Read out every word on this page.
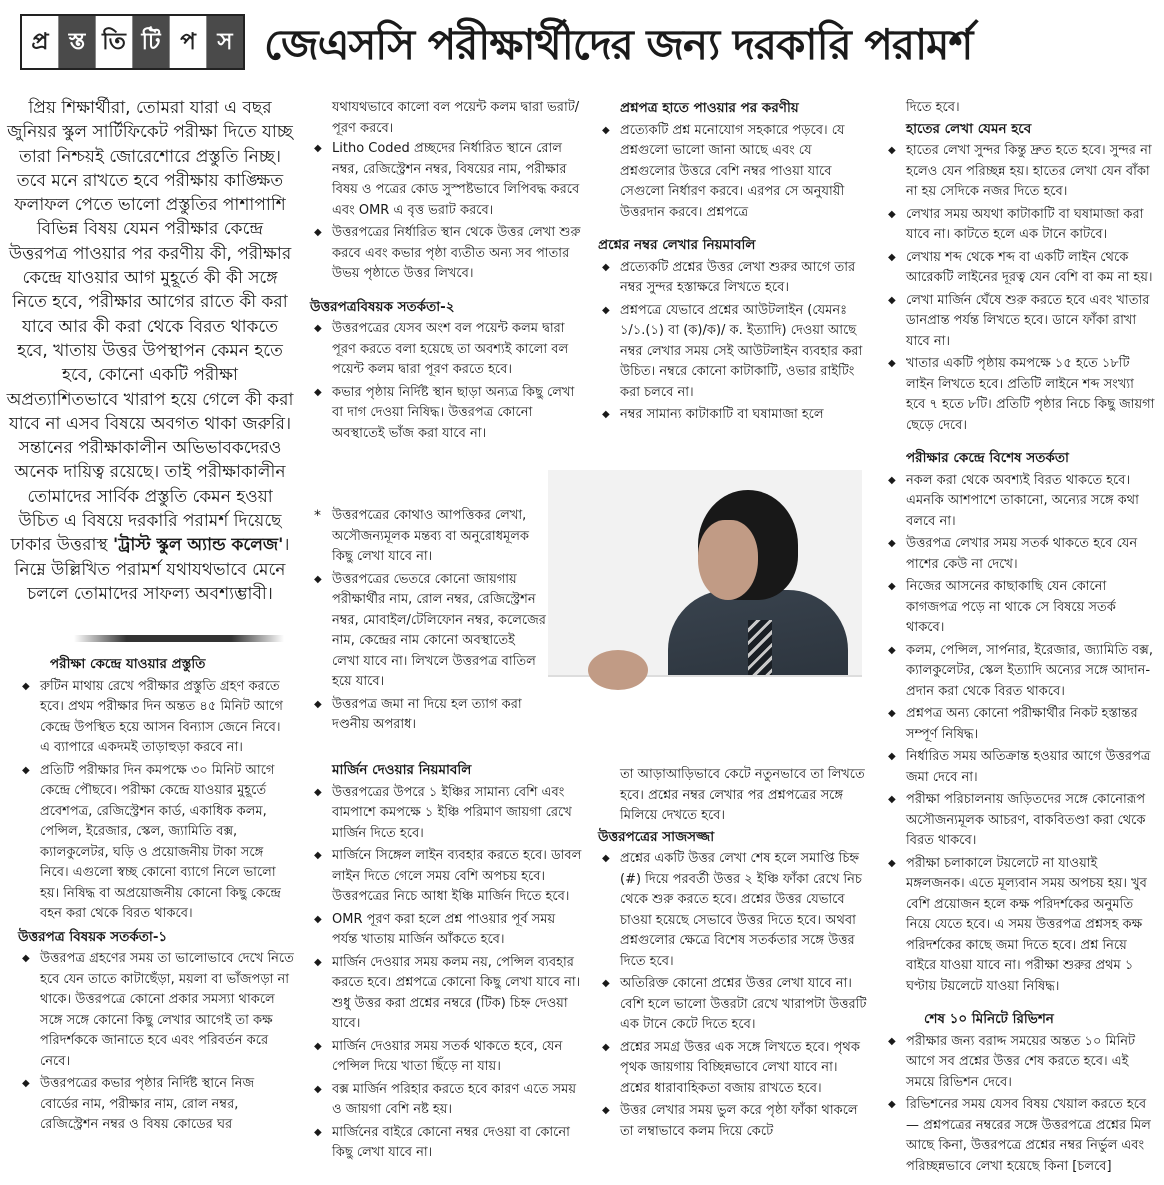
প্র স্ত তি টি প স জেএসসি পরীক্ষার্থীদের জন্য দরকারি পরামর্শ
প্রিয় শিক্ষার্থীরা, তোমরা যারা এ বছর জুনিয়র স্কুল সার্টিফিকেট পরীক্ষা দিতে যাচ্ছ তারা নিশ্চয়ই জোরেশোরে প্রস্তুতি নিচ্ছ। তবে মনে রাখতে হবে পরীক্ষায় কাঙ্ক্ষিত ফলাফল পেতে ভালো প্রস্তুতির পাশাপাশি বিভিন্ন বিষয় যেমন পরীক্ষার কেন্দ্রে উত্তরপত্র পাওয়ার পর করণীয় কী, পরীক্ষার কেন্দ্রে যাওয়ার আগ মুহূর্তে কী কী সঙ্গে নিতে হবে, পরীক্ষার আগের রাতে কী করা যাবে আর কী করা থেকে বিরত থাকতে হবে, খাতায় উত্তর উপস্থাপন কেমন হতে হবে, কোনো একটি পরীক্ষা অপ্রত্যাশিতভাবে খারাপ হয়ে গেলে কী করা যাবে না এসব বিষয়ে অবগত থাকা জরুরি। সন্তানের পরীক্ষাকালীন অভিভাবকদেরও অনেক দায়িত্ব রয়েছে। তাই পরীক্ষাকালীন তোমাদের সার্বিক প্রস্তুতি কেমন হওয়া উচিত এ বিষয়ে দরকারি পরামর্শ দিয়েছে ঢাকার উত্তরাস্থ 'ট্রাস্ট স্কুল অ্যান্ড কলেজ'। নিম্নে উল্লিখিত পরামর্শ যথাযথভাবে মেনে চললে তোমাদের সাফল্য অবশ্যম্ভাবী।
পরীক্ষা কেন্দ্রে যাওয়ার প্রস্তুতি
◆ রুটিন মাথায় রেখে পরীক্ষার প্রস্তুতি গ্রহণ করতে হবে। প্রথম পরীক্ষার দিন অন্তত ৪৫ মিনিট আগে কেন্দ্রে উপস্থিত হয়ে আসন বিন্যাস জেনে নিবে। এ ব্যাপারে একদমই তাড়াহুড়া করবে না।
◆ প্রতিটি পরীক্ষার দিন কমপক্ষে ৩০ মিনিট আগে কেন্দ্রে পৌছবে। পরীক্ষা কেন্দ্রে যাওয়ার মুহূর্তে প্রবেশপত্র, রেজিস্ট্রেশন কার্ড, একাধিক কলম, পেন্সিল, ইরেজার, স্কেল, জ্যামিতি বক্স, ক্যালকুলেটর, ঘড়ি ও প্রয়োজনীয় টাকা সঙ্গে নিবে। এগুলো স্বচ্ছ কোনো ব্যাগে নিলে ভালো হয়। নিষিদ্ধ বা অপ্রয়োজনীয় কোনো কিছু কেন্দ্রে বহন করা থেকে বিরত থাকবে।
উত্তরপত্র বিষয়ক সতর্কতা-১
◆ উত্তরপত্র গ্রহণের সময় তা ভালোভাবে দেখে নিতে হবে যেন তাতে কাটাছেঁড়া, ময়লা বা ভাঁজপড়া না থাকে। উত্তরপত্রে কোনো প্রকার সমস্যা থাকলে সঙ্গে সঙ্গে কোনো কিছু লেখার আগেই তা কক্ষ পরিদর্শককে জানাতে হবে এবং পরিবর্তন করে নেবে।
◆ উত্তরপত্রের কভার পৃষ্ঠার নির্দিষ্ট স্থানে নিজ বোর্ডের নাম, পরীক্ষার নাম, রোল নম্বর, রেজিস্ট্রেশন নম্বর ও বিষয় কোডের ঘর

যথাযথভাবে কালো বল পয়েন্ট কলম দ্বারা ভরাট/পূরণ করবে।

◆ Litho Coded প্রচ্ছদের নির্ধারিত স্থানে রোল নম্বর, রেজিস্ট্রেশন নম্বর, বিষয়ের নাম, পরীক্ষার বিষয় ও পত্রের কোড সুস্পষ্টভাবে লিপিবদ্ধ করবে এবং OMR এ বৃত্ত ভরাট করবে।
◆ উত্তরপত্রের নির্ধারিত স্থান থেকে উত্তর লেখা শুরু করবে এবং কভার পৃষ্ঠা ব্যতীত অন্য সব পাতার উভয় পৃষ্ঠাতে উত্তর লিখবে।
উত্তরপত্রবিষয়ক সতর্কতা-২
◆ উত্তরপত্রের যেসব অংশ বল পয়েন্ট কলম দ্বারা পূরণ করতে বলা হয়েছে তা অবশ্যই কালো বল পয়েন্ট কলম দ্বারা পূরণ করতে হবে।
◆ কভার পৃষ্ঠায় নির্দিষ্ট স্থান ছাড়া অন্যত্র কিছু লেখা বা দাগ দেওয়া নিষিদ্ধ। উত্তরপত্র কোনো অবস্থাতেই ভাঁজ করা যাবে না।
* উত্তরপত্রের কোথাও আপত্তিকর লেখা, অসৌজন্যমূলক মন্তব্য বা অনুরোধমূলক কিছু লেখা যাবে না।
◆ উত্তরপত্রের ভেতরে কোনো জায়গায় পরীক্ষার্থীর নাম, রোল নম্বর, রেজিস্ট্রেশন নম্বর, মোবাইল/টেলিফোন নম্বর, কলেজের নাম, কেন্দ্রের নাম কোনো অবস্থাতেই লেখা যাবে না। লিখলে উত্তরপত্র বাতিল হয়ে যাবে।
◆ উত্তরপত্র জমা না দিয়ে হল ত্যাগ করা দণ্ডনীয় অপরাধ।
মার্জিন দেওয়ার নিয়মাবলি
◆ উত্তরপত্রের উপরে ১ ইঞ্চির সামান্য বেশি এবং বামপাশে কমপক্ষে ১ ইঞ্চি পরিমাণ জায়গা রেখে মার্জিন দিতে হবে।
◆ মার্জিনে সিঙ্গেল লাইন ব্যবহার করতে হবে। ডাবল লাইন দিতে গেলে সময় বেশি অপচয় হবে। উত্তরপত্রের নিচে আধা ইঞ্চি মার্জিন দিতে হবে।
◆ OMR পূরণ করা হলে প্রশ্ন পাওয়ার পূর্ব সময় পর্যন্ত খাতায় মার্জিন আঁকতে হবে।
◆ মার্জিন দেওয়ার সময় কলম নয়, পেন্সিল ব্যবহার করতে হবে। প্রশ্নপত্রে কোনো কিছু লেখা যাবে না। শুধু উত্তর করা প্রশ্নের নম্বরে (টিক) চিহ্ন দেওয়া যাবে।
◆ মার্জিন দেওয়ার সময় সতর্ক থাকতে হবে, যেন পেন্সিল দিয়ে খাতা ছিঁড়ে না যায়।
◆ বক্স মার্জিন পরিহার করতে হবে কারণ এতে সময় ও জায়গা বেশি নষ্ট হয়।
◆ মার্জিনের বাইরে কোনো নম্বর দেওয়া বা কোনো কিছু লেখা যাবে না।
প্রশ্নপত্র হাতে পাওয়ার পর করণীয়
◆ প্রত্যেকটি প্রশ্ন মনোযোগ সহকারে পড়বে। যে প্রশ্নগুলো ভালো জানা আছে এবং যে প্রশ্নগুলোর উত্তরে বেশি নম্বর পাওয়া যাবে সেগুলো নির্ধারণ করবে। এরপর সে অনুযায়ী উত্তরদান করবে। প্রশ্নপত্রে
প্রশ্নের নম্বর লেখার নিয়মাবলি
◆ প্রত্যেকটি প্রশ্নের উত্তর লেখা শুরুর আগে তার নম্বর সুন্দর হস্তাক্ষরে লিখতে হবে।
◆ প্রশ্নপত্রে যেভাবে প্রশ্নের আউটলাইন (যেমনঃ ১/১.(১) বা (ক)/ক)/ ক. ইত্যাদি) দেওয়া আছে নম্বর লেখার সময় সেই আউটলাইন ব্যবহার করা উচিত। নম্বরে কোনো কাটাকাটি, ওভার রাইটিং করা চলবে না।
◆ নম্বর সামান্য কাটাকাটি বা ঘষামাজা হলে

তা আড়াআড়িভাবে কেটে নতুনভাবে তা লিখতে হবে। প্রশ্নের নম্বর লেখার পর প্রশ্নপত্রের সঙ্গে মিলিয়ে দেখতে হবে।

উত্তরপত্রের সাজসজ্জা
◆ প্রশ্নের একটি উত্তর লেখা শেষ হলে সমাপ্তি চিহ্ন (#) দিয়ে পরবর্তী উত্তর ২ ইঞ্চি ফাঁকা রেখে নিচ থেকে শুরু করতে হবে। প্রশ্নের উত্তর যেভাবে চাওয়া হয়েছে সেভাবে উত্তর দিতে হবে। অথবা প্রশ্নগুলোর ক্ষেত্রে বিশেষ সতর্কতার সঙ্গে উত্তর দিতে হবে।
◆ অতিরিক্ত কোনো প্রশ্নের উত্তর লেখা যাবে না। বেশি হলে ভালো উত্তরটা রেখে খারাপটা উত্তরটি এক টানে কেটে দিতে হবে।
◆ প্রশ্নের সমগ্র উত্তর এক সঙ্গে লিখতে হবে। পৃথক পৃথক জায়গায় বিচ্ছিন্নভাবে লেখা যাবে না। প্রশ্নের ধারাবাহিকতা বজায় রাখতে হবে।
◆ উত্তর লেখার সময় ভুল করে পৃষ্ঠা ফাঁকা থাকলে তা লম্বাভাবে কলম দিয়ে কেটে

দিতে হবে।

হাতের লেখা যেমন হবে
◆ হাতের লেখা সুন্দর কিন্তু দ্রুত হতে হবে। সুন্দর না হলেও যেন পরিচ্ছন্ন হয়। হাতের লেখা যেন বাঁকা না হয় সেদিকে নজর দিতে হবে।
◆ লেখার সময় অযথা কাটাকাটি বা ঘষামাজা করা যাবে না। কাটতে হলে এক টানে কাটবে।
◆ লেখায় শব্দ থেকে শব্দ বা একটি লাইন থেকে আরেকটি লাইনের দূরত্ব যেন বেশি বা কম না হয়।
◆ লেখা মার্জিন ঘেঁষে শুরু করতে হবে এবং খাতার ডানপ্রান্ত পর্যন্ত লিখতে হবে। ডানে ফাঁকা রাখা যাবে না।
◆ খাতার একটি পৃষ্ঠায় কমপক্ষে ১৫ হতে ১৮টি লাইন লিখতে হবে। প্রতিটি লাইনে শব্দ সংখ্যা হবে ৭ হতে ৮টি। প্রতিটি পৃষ্ঠার নিচে কিছু জায়গা ছেড়ে দেবে।
পরীক্ষার কেন্দ্রে বিশেষ সতর্কতা
◆ নকল করা থেকে অবশ্যই বিরত থাকতে হবে। এমনকি আশপাশে তাকানো, অন্যের সঙ্গে কথা বলবে না।
◆ উত্তরপত্র লেখার সময় সতর্ক থাকতে হবে যেন পাশের কেউ না দেখে।
◆ নিজের আসনের কাছাকাছি যেন কোনো কাগজপত্র পড়ে না থাকে সে বিষয়ে সতর্ক থাকবে।
◆ কলম, পেন্সিল, সার্পনার, ইরেজার, জ্যামিতি বক্স, ক্যালকুলেটর, স্কেল ইত্যাদি অন্যের সঙ্গে আদান-প্রদান করা থেকে বিরত থাকবে।
◆ প্রশ্নপত্র অন্য কোনো পরীক্ষার্থীর নিকট হস্তান্তর সম্পূর্ণ নিষিদ্ধ।
◆ নির্ধারিত সময় অতিক্রান্ত হওয়ার আগে উত্তরপত্র জমা দেবে না।
◆ পরীক্ষা পরিচালনায় জড়িতদের সঙ্গে কোনোরূপ অসৌজন্যমূলক আচরণ, বাকবিতণ্ডা করা থেকে বিরত থাকবে।
◆ পরীক্ষা চলাকালে টয়লেটে না যাওয়াই মঙ্গলজনক। এতে মূল্যবান সময় অপচয় হয়। খুব বেশি প্রয়োজন হলে কক্ষ পরিদর্শকের অনুমতি নিয়ে যেতে হবে। এ সময় উত্তরপত্র প্রশ্নসহ কক্ষ পরিদর্শকের কাছে জমা দিতে হবে। প্রশ্ন নিয়ে বাইরে যাওয়া যাবে না। পরীক্ষা শুরুর প্রথম ১ ঘণ্টায় টয়লেটে যাওয়া নিষিদ্ধ।
শেষ ১০ মিনিটে রিভিশন
◆ পরীক্ষার জন্য বরাদ্দ সময়ের অন্তত ১০ মিনিট আগে সব প্রশ্নের উত্তর শেষ করতে হবে। এই সময়ে রিভিশন দেবে।
◆ রিভিশনের সময় যেসব বিষয় খেয়াল করতে হবে— প্রশ্নপত্রের নম্বরের সঙ্গে উত্তরপত্রে প্রশ্নের মিল আছে কিনা, উত্তরপত্রে প্রশ্নের নম্বর নির্ভুল এবং পরিচ্ছন্নভাবে লেখা হয়েছে কিনা [চলবে]
